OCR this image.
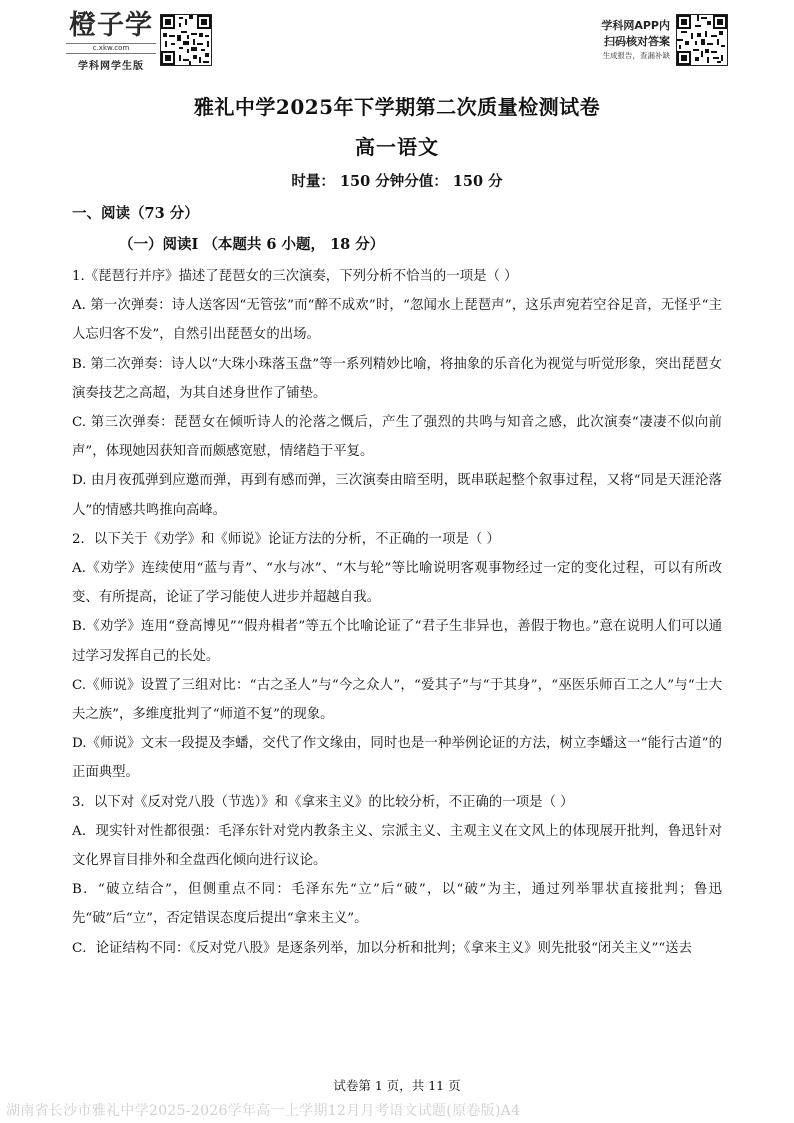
橙子学
c.xkw.com
学科网学生版
学科网APP内
扫码核对答案
生成报告，查漏补缺
雅礼中学2025年下学期第二次质量检测试卷
高一语文
时量： 150 分钟分值： 150 分
一、阅读（73 分）
（一）阅读I （本题共 6 小题， 18 分）

1.《琵琶行并序》描述了琵琶女的三次演奏，下列分析不恰当的一项是（ ）

A. 第一次弹奏：诗人送客因“无管弦”而“醉不成欢”时，“忽闻水上琵琶声”，这乐声宛若空谷足音，无怪乎“主人忘归客不发”，自然引出琵琶女的出场。

B. 第二次弹奏：诗人以“大珠小珠落玉盘”等一系列精妙比喻，将抽象的乐音化为视觉与听觉形象，突出琵琶女演奏技艺之高超，为其自述身世作了铺垫。

C. 第三次弹奏：琵琶女在倾听诗人的沦落之慨后，产生了强烈的共鸣与知音之感，此次演奏“凄凄不似向前声”，体现她因获知音而颇感宽慰，情绪趋于平复。

D. 由月夜孤弹到应邀而弹，再到有感而弹，三次演奏由暗至明，既串联起整个叙事过程，又将“同是天涯沦落人”的情感共鸣推向高峰。

2．以下关于《劝学》和《师说》论证方法的分析，不正确的一项是（ ）

A.《劝学》连续使用“蓝与青”、“水与冰”、“木与轮”等比喻说明客观事物经过一定的变化过程，可以有所改变、有所提高，论证了学习能使人进步并超越自我。

B.《劝学》连用“登高博见”“假舟楫者”等五个比喻论证了“君子生非异也，善假于物也。”意在说明人们可以通过学习发挥自己的长处。

C.《师说》设置了三组对比：“古之圣人”与“今之众人”，“爱其子”与“于其身”，“巫医乐师百工之人”与“士大夫之族”，多维度批判了“师道不复”的现象。

D.《师说》文末一段提及李蟠，交代了作文缘由，同时也是一种举例论证的方法，树立李蟠这一“能行古道”的正面典型。

3．以下对《反对党八股（节选）》和《拿来主义》的比较分析，不正确的一项是（ ）

A．现实针对性都很强：毛泽东针对党内教条主义、宗派主义、主观主义在文风上的体现展开批判，鲁迅针对文化界盲目排外和全盘西化倾向进行议论。

B．“破立结合”，但侧重点不同：毛泽东先“立”后“破”，以“破”为主，通过列举罪状直接批判；鲁迅先“破”后“立”，否定错误态度后提出“拿来主义”。

C．论证结构不同：《反对党八股》是逐条列举，加以分析和批判；《拿来主义》则先批驳“闭关主义”“送去

试卷第 1 页，共 11 页
湖南省长沙市雅礼中学2025-2026学年高一上学期12月月考语文试题(原卷版)A4
